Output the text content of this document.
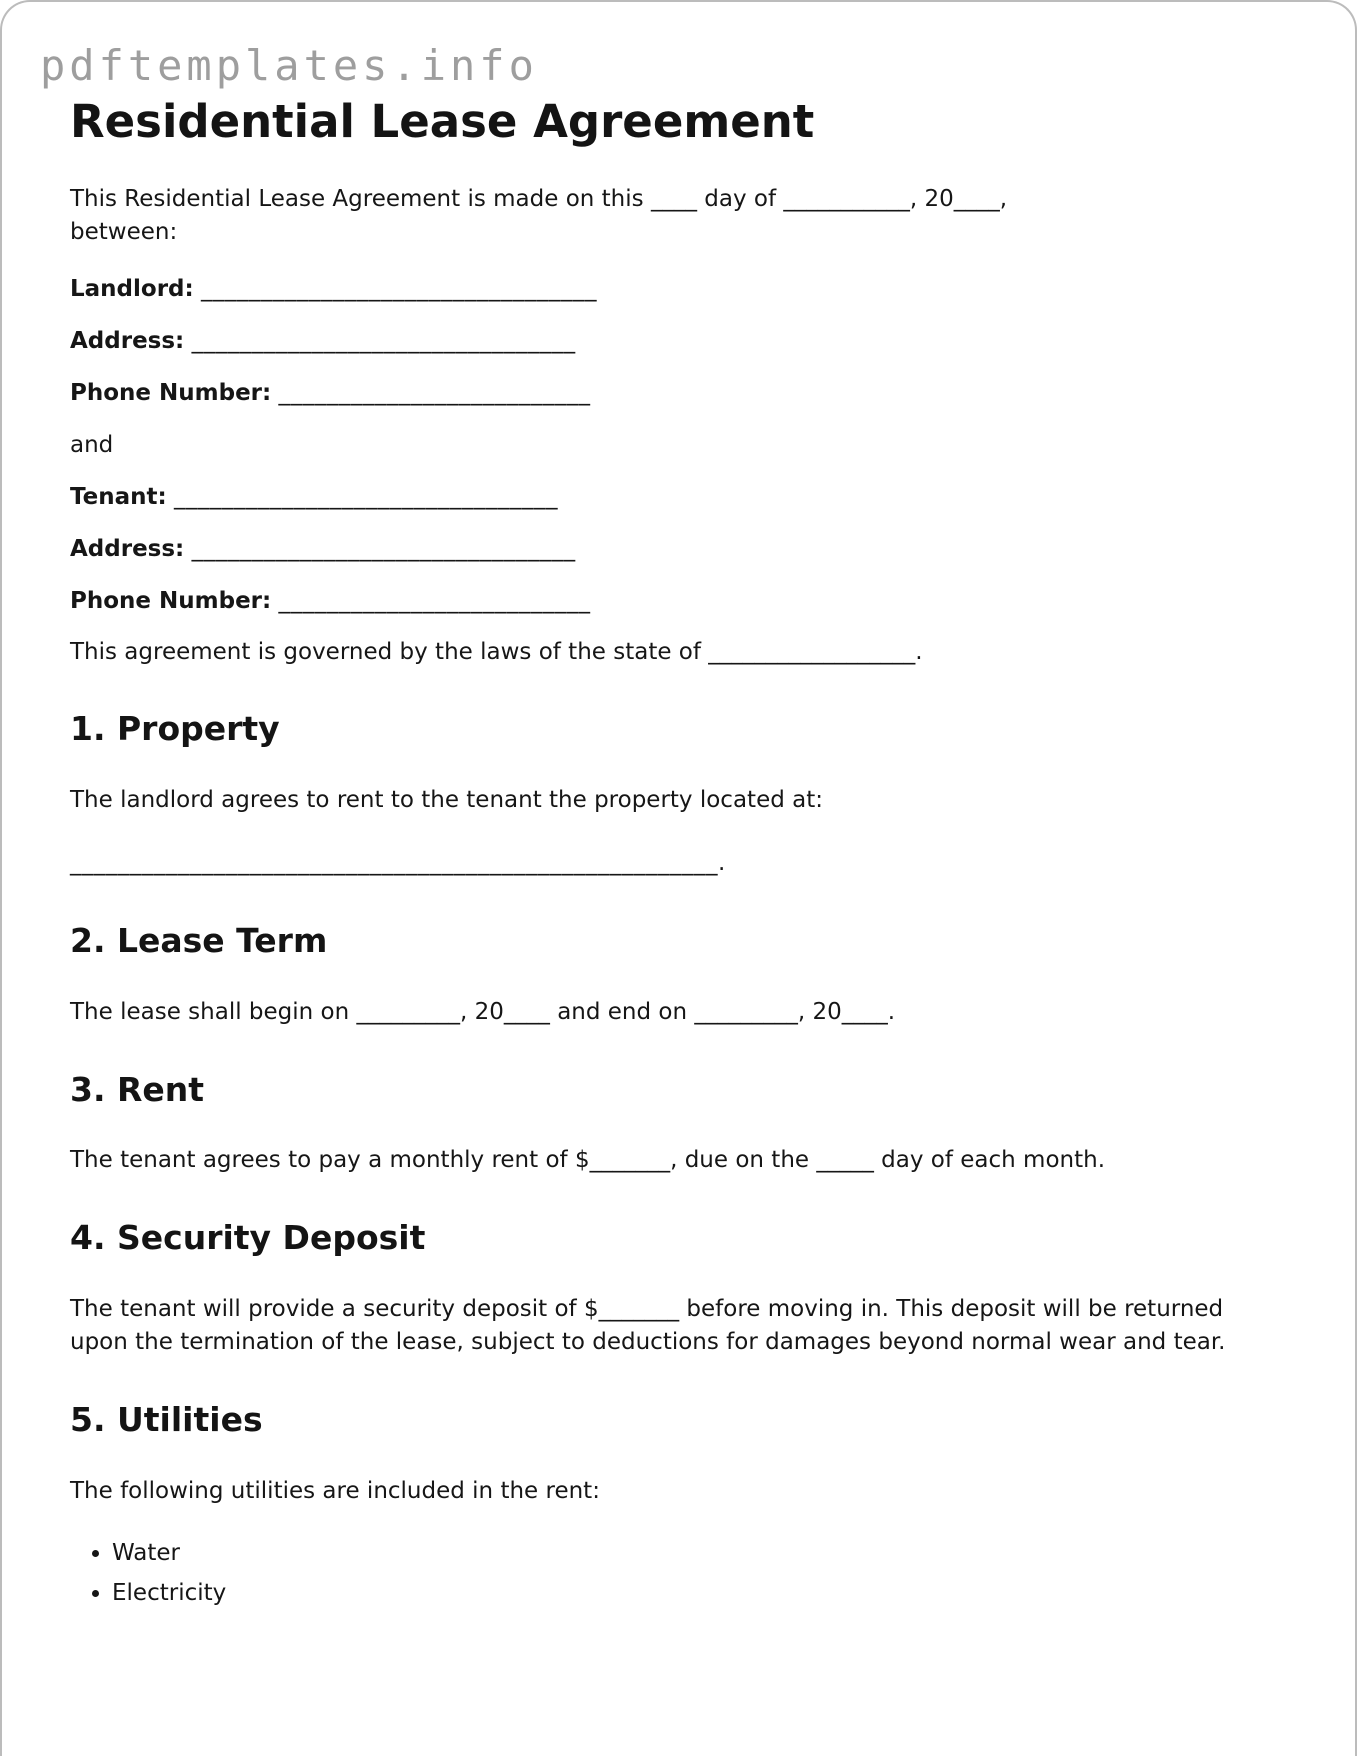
pdftemplates.info
Residential Lease Agreement

This Residential Lease Agreement is made on this ____ day of ___________, 20____,
between:

Landlord: _________________________________

Address: ________________________________

Phone Number: __________________________

and

Tenant: ________________________________

Address: ________________________________

Phone Number: __________________________

This agreement is governed by the laws of the state of __________________.

1. Property

The landlord agrees to rent to the tenant the property located at:

______________________________________________________.

2. Lease Term

The lease shall begin on _________, 20____ and end on _________, 20____.

3. Rent

The tenant agrees to pay a monthly rent of $_______, due on the _____ day of each month.

4. Security Deposit

The tenant will provide a security deposit of $_______ before moving in. This deposit will be returned upon the termination of the lease, subject to deductions for damages beyond normal wear and tear.

5. Utilities

The following utilities are included in the rent:

• Water
• Electricity
